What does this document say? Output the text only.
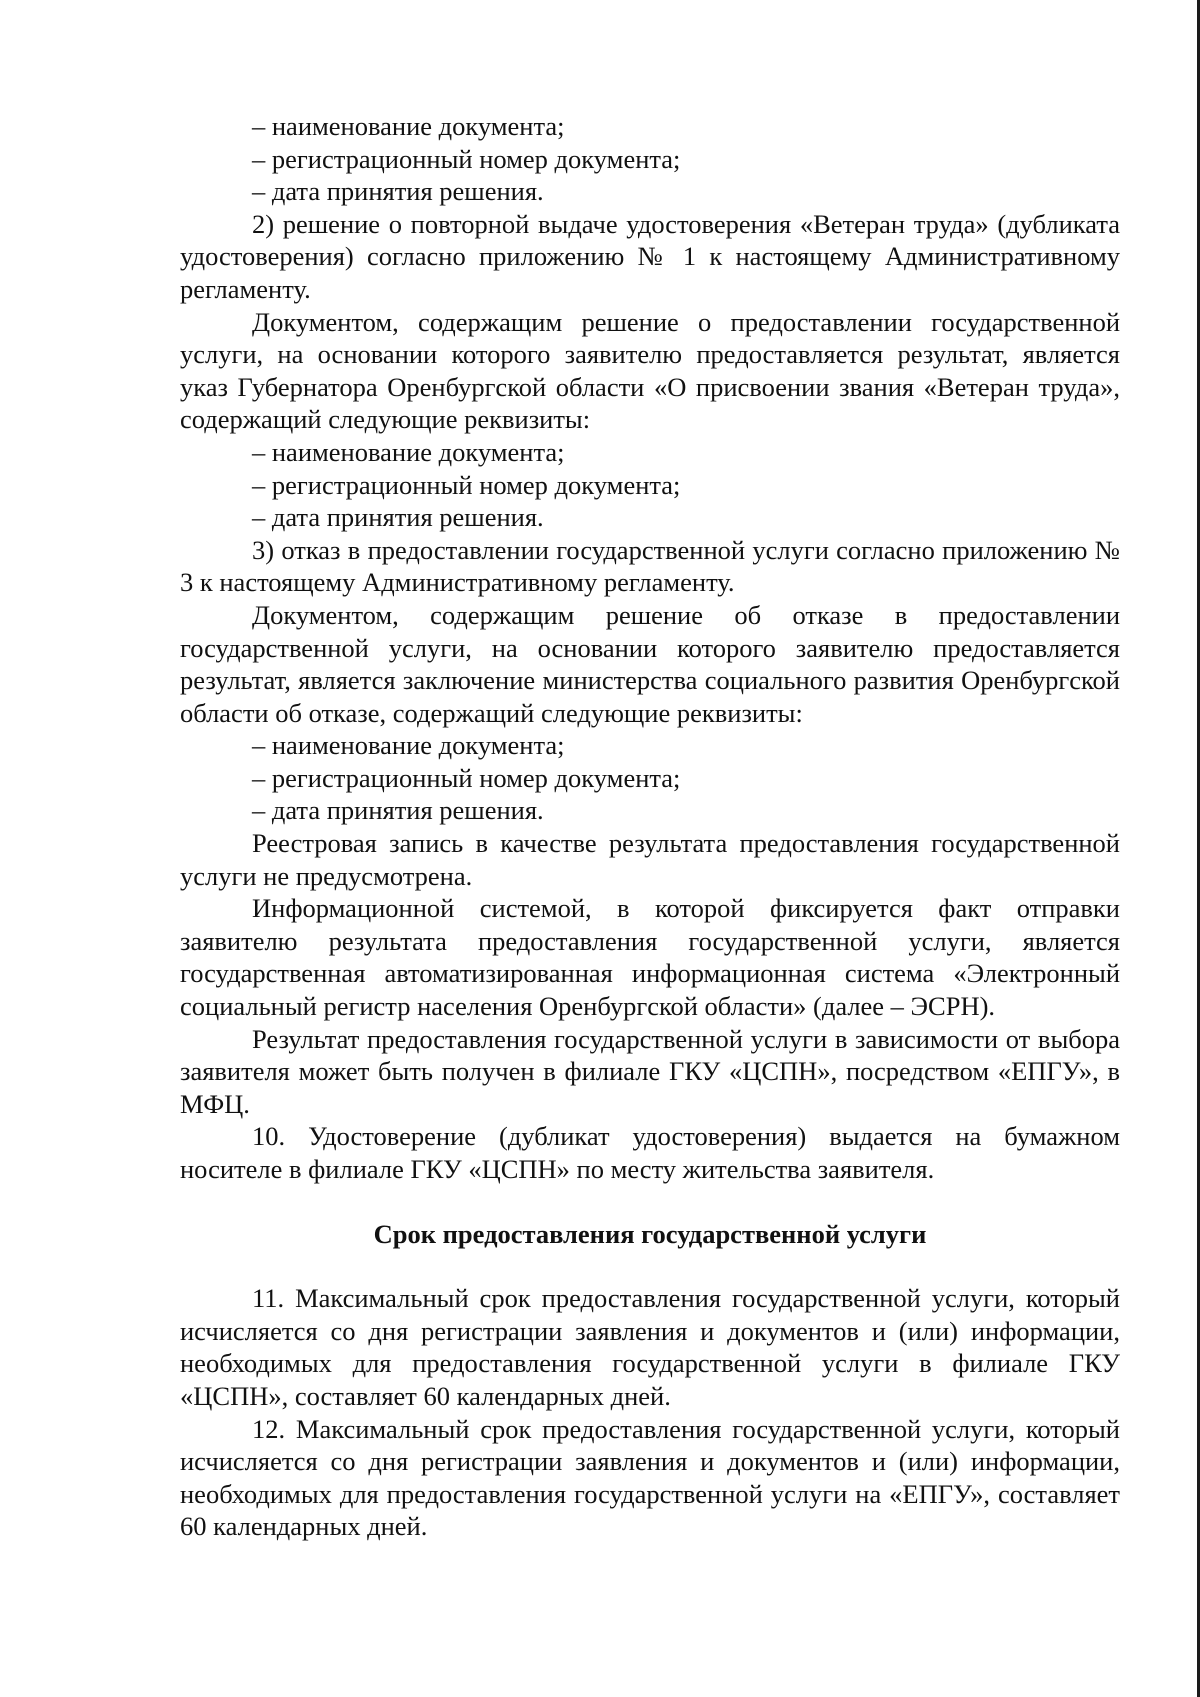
– наименование документа;

– регистрационный номер документа;

– дата принятия решения.

2) решение о повторной выдаче удостоверения «Ветеран труда» (дубликата удостоверения) согласно приложению № 1 к настоящему Административному регламенту.

Документом, содержащим решение о предоставлении государственной услуги, на основании которого заявителю предоставляется результат, является указ Губернатора Оренбургской области «О присвоении звания «Ветеран труда», содержащий следующие реквизиты:

– наименование документа;

– регистрационный номер документа;

– дата принятия решения.

3) отказ в предоставлении государственной услуги согласно приложению № 3 к настоящему Административному регламенту.

Документом, содержащим решение об отказе в предоставлении государственной услуги, на основании которого заявителю предоставляется результат, является заключение министерства социального развития Оренбургской области об отказе, содержащий следующие реквизиты:

– наименование документа;

– регистрационный номер документа;

– дата принятия решения.

Реестровая запись в качестве результата предоставления государственной услуги не предусмотрена.

Информационной системой, в которой фиксируется факт отправки заявителю результата предоставления государственной услуги, является государственная автоматизированная информационная система «Электронный социальный регистр населения Оренбургской области» (далее – ЭСРН).

Результат предоставления государственной услуги в зависимости от выбора заявителя может быть получен в филиале ГКУ «ЦСПН», посредством «ЕПГУ», в МФЦ.

10. Удостоверение (дубликат удостоверения) выдается на бумажном носителе в филиале ГКУ «ЦСПН» по месту жительства заявителя.

Срок предоставления государственной услуги

11. Максимальный срок предоставления государственной услуги, который исчисляется со дня регистрации заявления и документов и (или) информации, необходимых для предоставления государственной услуги в филиале ГКУ «ЦСПН», составляет 60 календарных дней.

12. Максимальный срок предоставления государственной услуги, который исчисляется со дня регистрации заявления и документов и (или) информации, необходимых для предоставления государственной услуги на «ЕПГУ», составляет 60 календарных дней.
